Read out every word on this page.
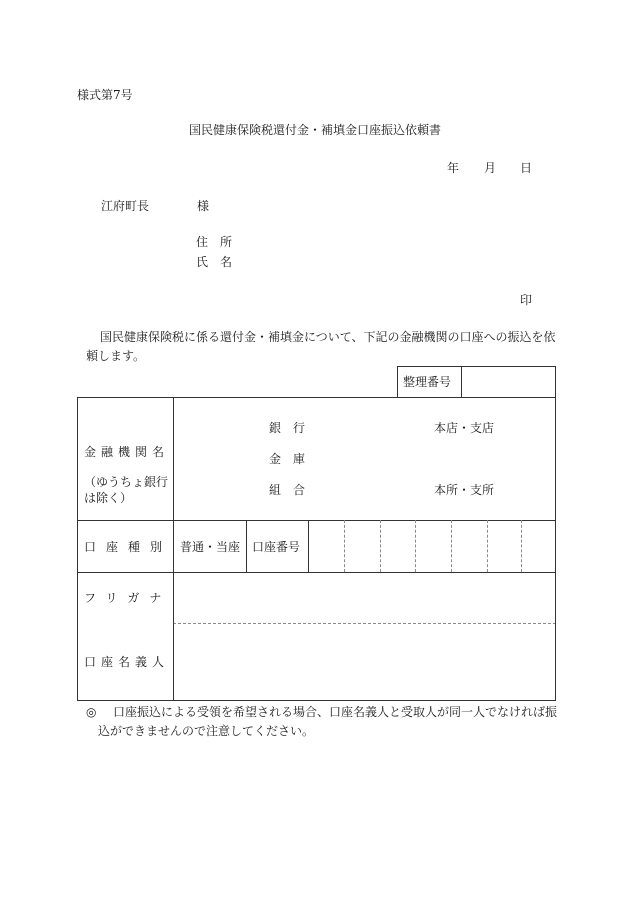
様式第7号
国民健康保険税還付金・補填金口座振込依頼書
年 月 日
江府町長	様
住　所
氏　名
印
国民健康保険税に係る還付金・補填金について、下記の金融機関の口座への振込を依
頼します。
整理番号
金融機関名
（ゆうちょ銀行は除く）
銀　行
金　庫
組　合
本店・支店
本所・支所
口座種別 普通・当座 口座番号
フリガナ
口座名義人
◎ 口座振込による受領を希望される場合、口座名義人と受取人が同一人でなければ振
込ができませんので注意してください。
